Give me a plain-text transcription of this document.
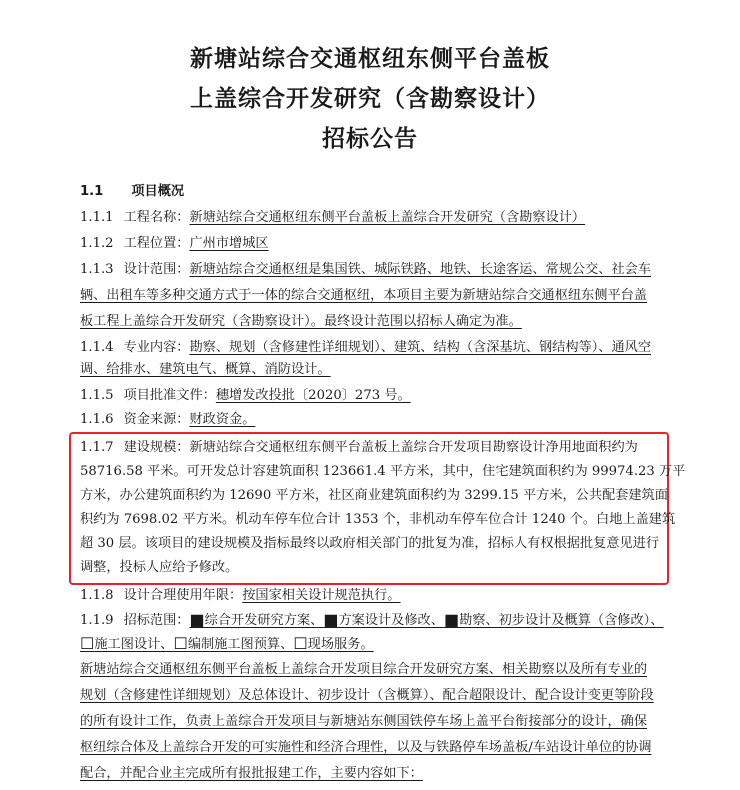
新塘站综合交通枢纽东侧平台盖板
上盖综合开发研究（含勘察设计）
招标公告
1.1 项目概况
1.1.1 工程名称：新塘站综合交通枢纽东侧平台盖板上盖综合开发研究（含勘察设计）
1.1.2 工程位置：广州市增城区
1.1.3 设计范围：新塘站综合交通枢纽是集国铁、城际铁路、地铁、长途客运、常规公交、社会车
辆、出租车等多种交通方式于一体的综合交通枢纽，本项目主要为新塘站综合交通枢纽东侧平台盖
板工程上盖综合开发研究（含勘察设计）。最终设计范围以招标人确定为准。
1.1.4 专业内容：勘察、规划（含修建性详细规划）、建筑、结构（含深基坑、钢结构等）、通风空
调、给排水、建筑电气、概算、消防设计。
1.1.5 项目批准文件：穗增发改投批〔2020〕273 号。
1.1.6 资金来源：财政资金。
1.1.7 建设规模：新塘站综合交通枢纽东侧平台盖板上盖综合开发项目勘察设计净用地面积约为
58716.58 平米。可开发总计容建筑面积 123661.4 平方米，其中，住宅建筑面积约为 99974.23 万平
方米，办公建筑面积约为 12690 平方米，社区商业建筑面积约为 3299.15 平方米，公共配套建筑面
积约为 7698.02 平方米。机动车停车位合计 1353 个，非机动车停车位合计 1240 个。白地上盖建筑
超 30 层。该项目的建设规模及指标最终以政府相关部门的批复为准，招标人有权根据批复意见进行
调整，投标人应给予修改。
1.1.8 设计合理使用年限：按国家相关设计规范执行。
1.1.9 招标范围：■综合开发研究方案、■方案设计及修改、■勘察、初步设计及概算（含修改）、
☐施工图设计、☐编制施工图预算、☐现场服务。
新塘站综合交通枢纽东侧平台盖板上盖综合开发项目综合开发研究方案、相关勘察以及所有专业的
规划（含修建性详细规划）及总体设计、初步设计（含概算）、配合超限设计、配合设计变更等阶段
的所有设计工作，负责上盖综合开发项目与新塘站东侧国铁停车场上盖平台衔接部分的设计，确保
枢纽综合体及上盖综合开发的可实施性和经济合理性，以及与铁路停车场盖板/车站设计单位的协调
配合，并配合业主完成所有报批报建工作，主要内容如下：
